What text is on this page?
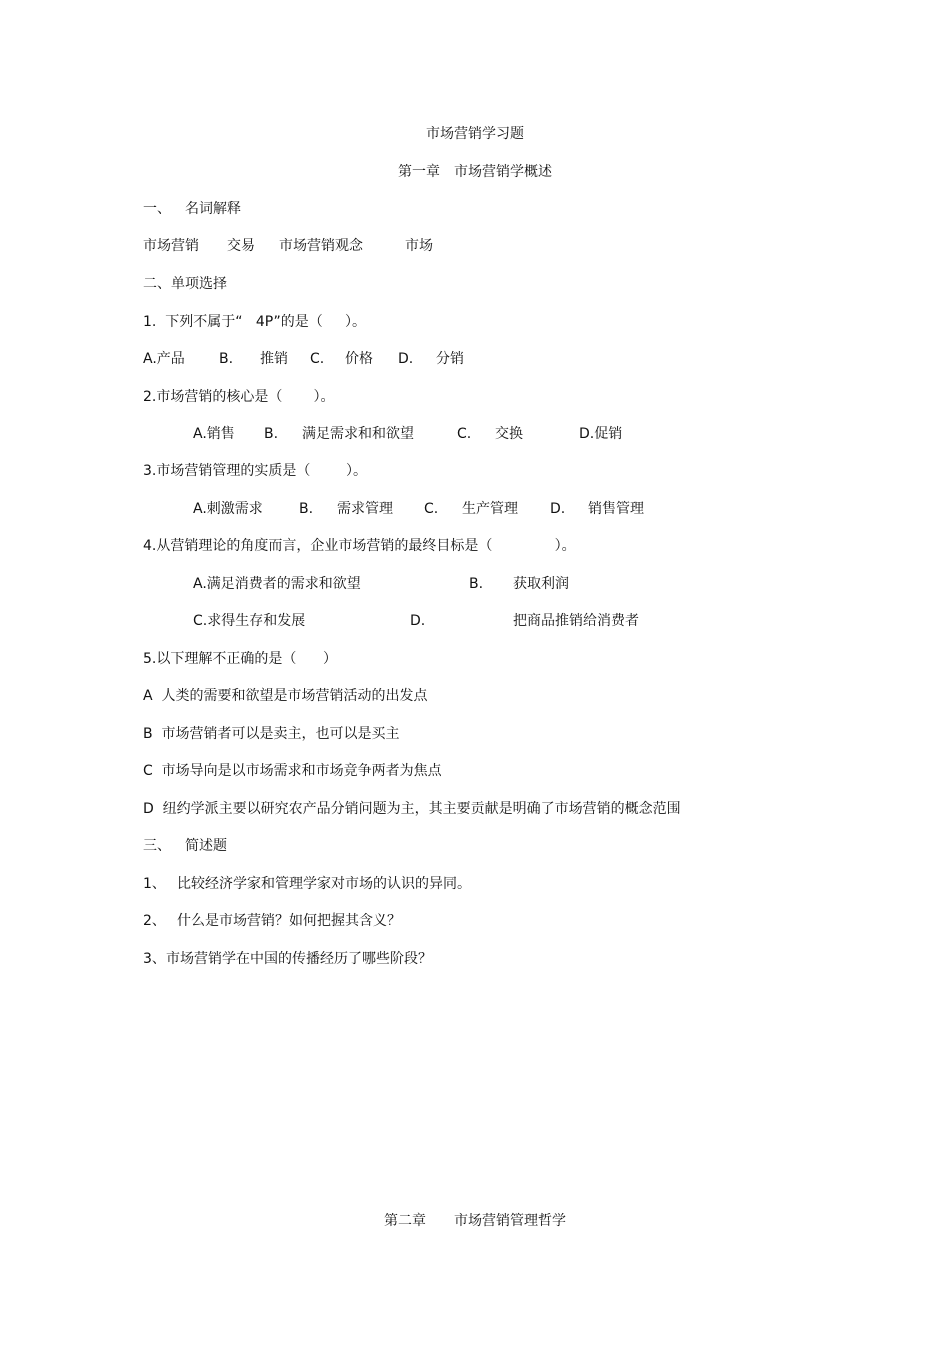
市场营销学习题
第一章　市场营销学概述

一、

名词解释

市场营销

交易

市场营销观念

	市场

二、单项选择
1.  下列不属于“   4P”的是（     ）。

A.产品

B.

推销

C.

价格

D.

分销

2.市场营销的核心是（       ）。

A.销售

B.

满足需求和和欲望

	C.

交换

	D.促销

3.市场营销管理的实质是（        ）。

A.刺激需求

	B.

需求管理

C.

生产管理

D.

销售管理

4.从营销理论的角度而言，企业市场营销的最终目标是（              ）。

A.满足消费者的需求和欲望

	B.

获取利润

C.求得生存和发展

	D.

	把商品推销给消费者

5.以下理解不正确的是（      ）
A  人类的需要和欲望是市场营销活动的出发点
B  市场营销者可以是卖主，也可以是买主
C  市场导向是以市场需求和市场竞争两者为焦点
D  纽约学派主要以研究农产品分销问题为主，其主要贡献是明确了市场营销的概念范围

三、

简述题

1、

比较经济学家和管理学家对市场的认识的异同。

2、

什么是市场营销？如何把握其含义？

3、

市场营销学在中国的传播经历了哪些阶段？

第二章　　市场营销管理哲学
